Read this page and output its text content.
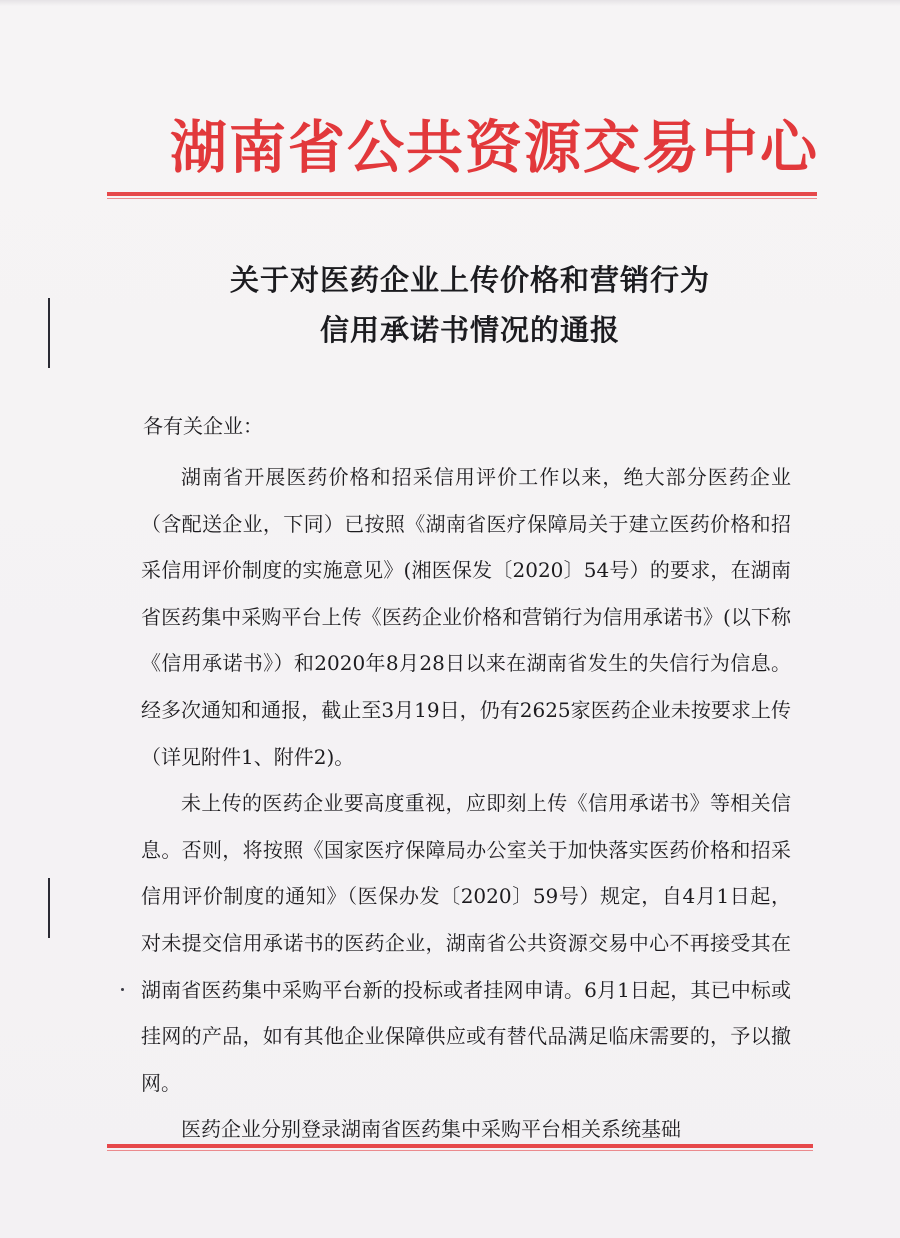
湖南省公共资源交易中心
关于对医药企业上传价格和营销行为
信用承诺书情况的通报
各有关企业：

湖南省开展医药价格和招采信用评价工作以来，绝大部分医药企业（含配送企业，下同）已按照《湖南省医疗保障局关于建立医药价格和招采信用评价制度的实施意见》(湘医保发〔2020〕54号）的要求，在湖南省医药集中采购平台上传《医药企业价格和营销行为信用承诺书》(以下称《信用承诺书》）和2020年8月28日以来在湖南省发生的失信行为信息。经多次通知和通报，截止至3月19日，仍有2625家医药企业未按要求上传（详见附件1、附件2)。

未上传的医药企业要高度重视，应即刻上传《信用承诺书》等相关信息。否则，将按照《国家医疗保障局办公室关于加快落实医药价格和招采信用评价制度的通知》（医保办发〔2020〕59号）规定，自4月1日起，对未提交信用承诺书的医药企业，湖南省公共资源交易中心不再接受其在湖南省医药集中采购平台新的投标或者挂网申请。6月1日起，其已中标或挂网的产品，如有其他企业保障供应或有替代品满足临床需要的，予以撤网。

医药企业分别登录湖南省医药集中采购平台相关系统基础
